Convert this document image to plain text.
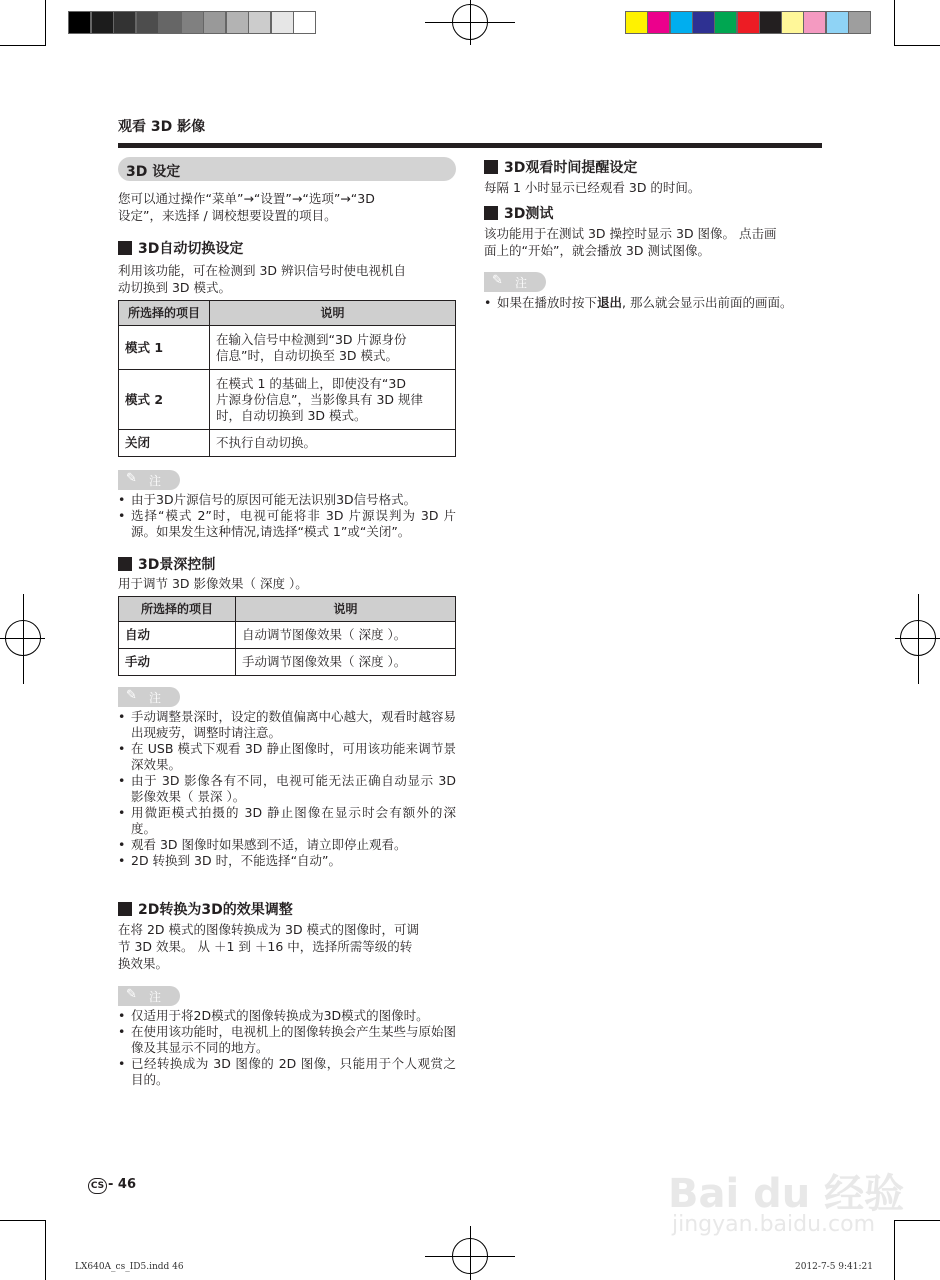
观看 3D 影像
3D 设定
您可以通过操作“菜单”→“设置”→“选项”→“3D
设定”，来选择 / 调校想要设置的项目。
3D自动切换设定
利用该功能，可在检测到 3D 辨识信号时使电视机自
动切换到 3D 模式。
所选择的项目	说明
模式 1	在输入信号中检测到“3D 片源身份
信息”时，自动切换至 3D 模式。

模式 2	在模式 1 的基础上，即使没有“3D
片源身份信息”，当影像具有 3D 规律
时，自动切换到 3D 模式。

关闭	不执行自动切换。
✎ 注
• 由于3D片源信号的原因可能无法识别3D信号格式。
• 选择“模式 2”时，电视可能将非 3D 片源误判为 3D 片源。如果发生这种情况,请选择“模式 1”或“关闭”。
3D景深控制
用于调节 3D 影像效果（ 深度 ）。
所选择的项目	说明
自动	自动调节图像效果（ 深度 ）。
手动	手动调节图像效果（ 深度 ）。
✎ 注
• 手动调整景深时，设定的数值偏离中心越大，观看时越容易出现疲劳，调整时请注意。
• 在 USB 模式下观看 3D 静止图像时，可用该功能来调节景深效果。
• 由于 3D 影像各有不同，电视可能无法正确自动显示 3D 影像效果（ 景深 ）。
• 用微距模式拍摄的 3D 静止图像在显示时会有额外的深度。
• 观看 3D 图像时如果感到不适，请立即停止观看。
• 2D 转换到 3D 时，不能选择“自动”。
2D转换为3D的效果调整
在将 2D 模式的图像转换成为 3D 模式的图像时，可调
节 3D 效果。 从 ＋1 到 ＋16 中，选择所需等级的转
换效果。
✎ 注
• 仅适用于将2D模式的图像转换成为3D模式的图像时。
• 在使用该功能时，电视机上的图像转换会产生某些与原始图像及其显示不同的地方。
• 已经转换成为 3D 图像的 2D 图像，只能用于个人观赏之目的。
3D观看时间提醒设定
每隔 1 小时显示已经观看 3D 的时间。
3D测试
该功能用于在测试 3D 操控时显示 3D 图像。 点击画
面上的“开始”，就会播放 3D 测试图像。
✎ 注
• 如果在播放时按下退出, 那么就会显示出前面的画面。
CS - 46	Bai du 经验
jingyan.baidu.com
LX640A_cs_ID5.indd 46	2012-7-5 9:41:21
